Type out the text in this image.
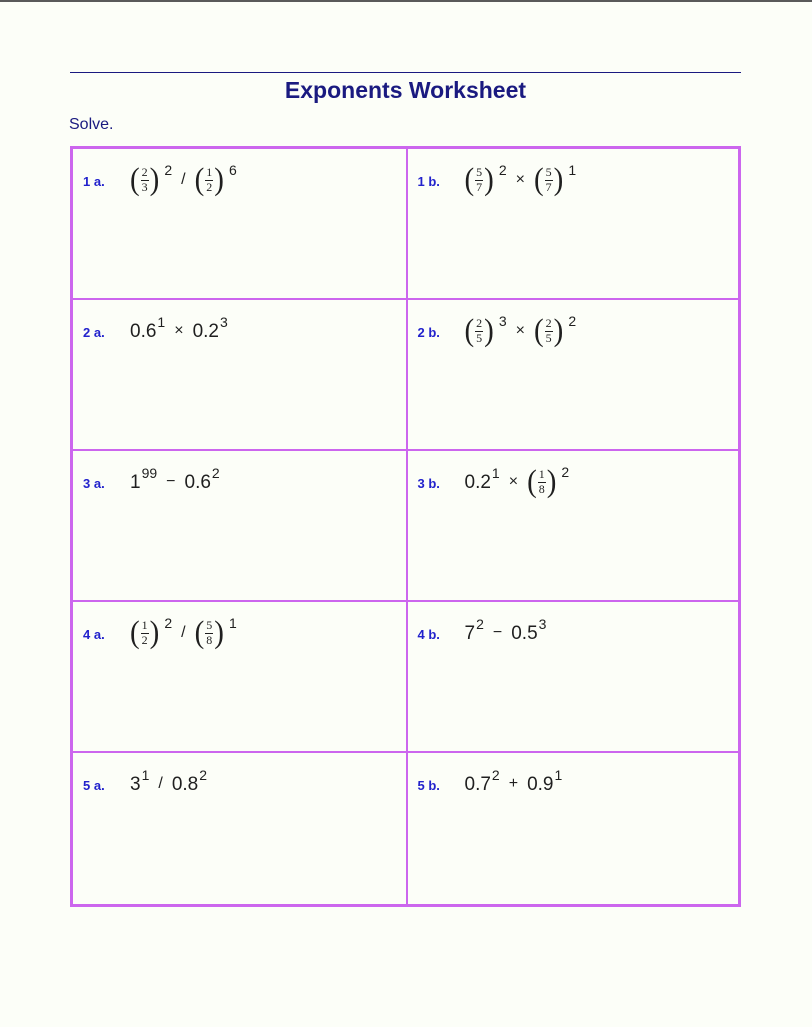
Exponents Worksheet
Solve.
1 a. ( $\frac{2}{3}$ ) 2
/ ( $\frac{1}{2}$ ) 6
1 b. ( $\frac{5}{7}$ ) 2
× ( $\frac{5}{7}$ ) 1
2 a. 0.6 1
× 0.2 3
2 b. ( $\frac{2}{5}$ ) 3
× ( $\frac{2}{5}$ ) 2
3 a. 1 99
− 0.6 2
3 b. 0.2 1
× ( $\frac{1}{8}$ ) 2
4 a. ( $\frac{1}{2}$ ) 2
/ ( $\frac{5}{8}$ ) 1
4 b. 7 2
− 0.5 3
5 a. 3 1
/ 0.8 2
5 b. 0.7 2
+ 0.9 1
